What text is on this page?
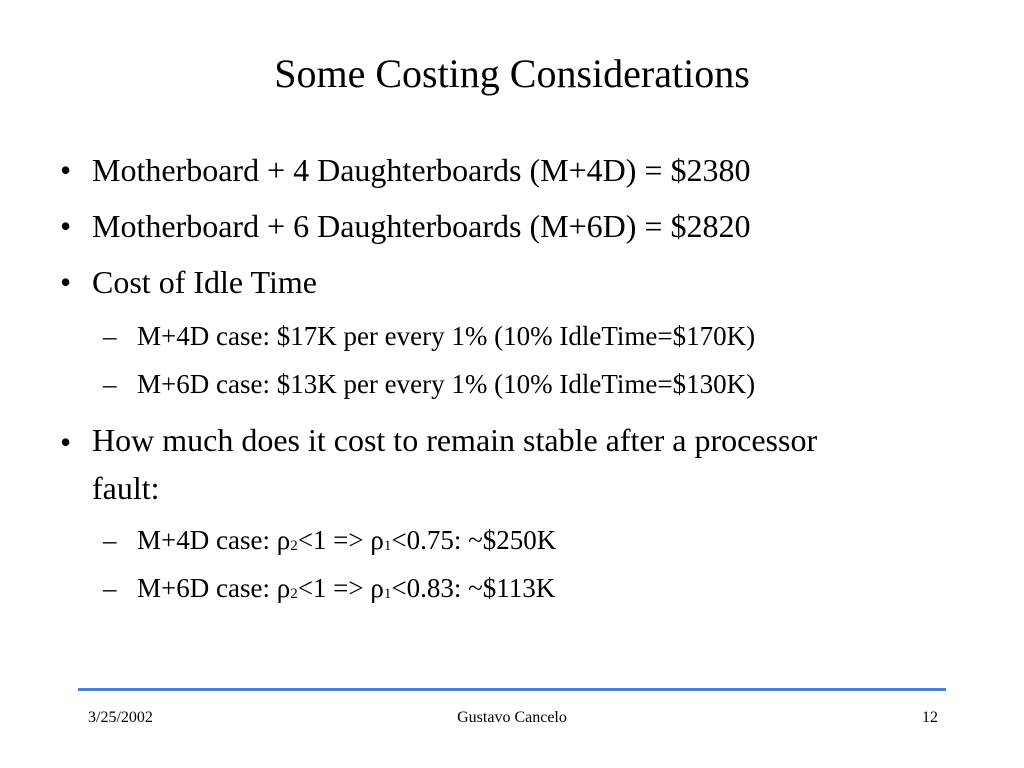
Some Costing Considerations
• Motherboard + 4 Daughterboards (M+4D) = $2380
• Motherboard + 6 Daughterboards (M+6D) = $2820
• Cost of Idle Time
– M+4D case: $17K per every 1% (10% IdleTime=$170K)
– M+6D case: $13K per every 1% (10% IdleTime=$130K)
• How much does it cost to remain stable after a processor fault:
– M+4D case: $\rho_2<1 => \rho_1<0.75$: ~$250K
– M+6D case: $\rho_2<1 => \rho_1<0.83$: ~$113K
3/25/2002	Gustavo Cancelo	12
